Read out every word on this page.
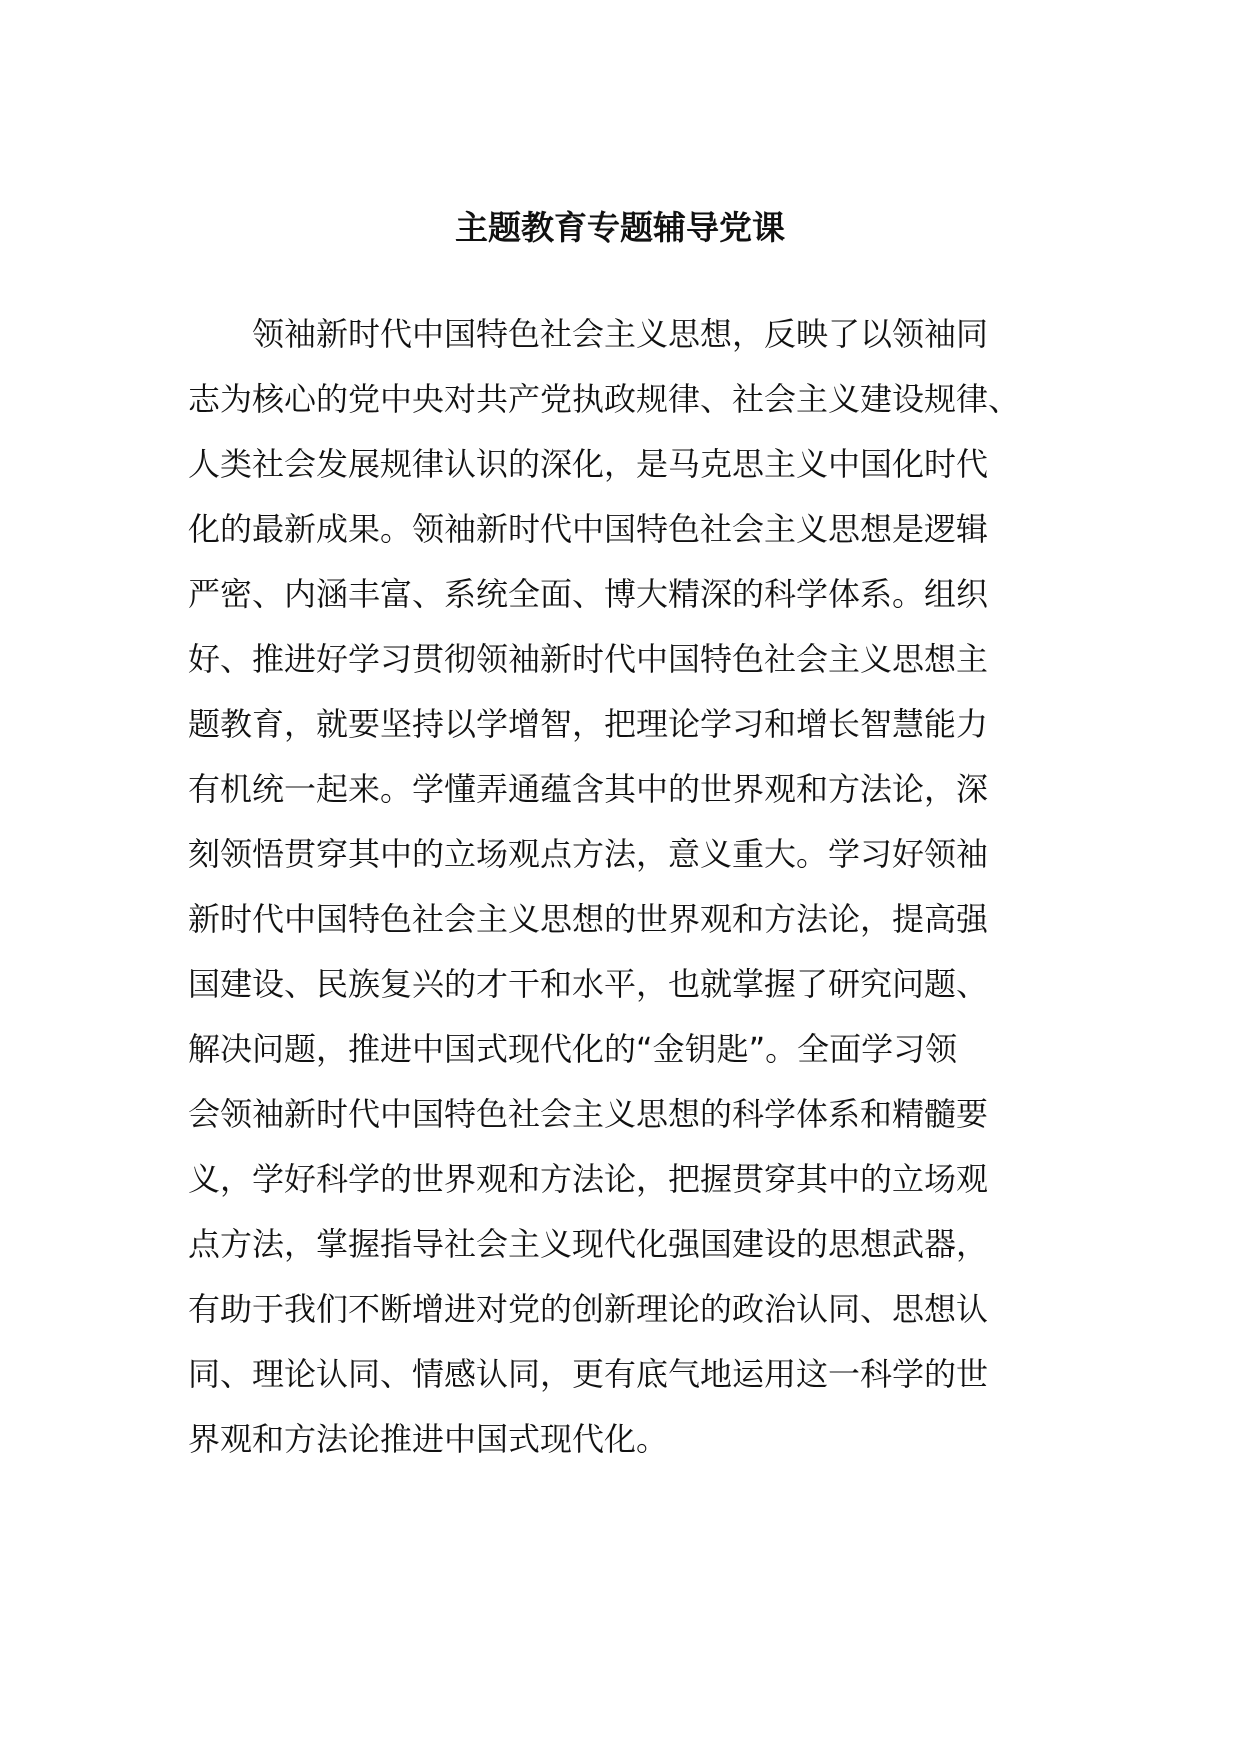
主题教育专题辅导党课

　　领袖新时代中国特色社会主义思想，反映了以领袖同

志为核心的党中央对共产党执政规律、社会主义建设规律、

人类社会发展规律认识的深化，是马克思主义中国化时代

化的最新成果。领袖新时代中国特色社会主义思想是逻辑

严密、内涵丰富、系统全面、博大精深的科学体系。组织

好、推进好学习贯彻领袖新时代中国特色社会主义思想主

题教育，就要坚持以学增智，把理论学习和增长智慧能力

有机统一起来。学懂弄通蕴含其中的世界观和方法论，深

刻领悟贯穿其中的立场观点方法，意义重大。学习好领袖

新时代中国特色社会主义思想的世界观和方法论，提高强

国建设、民族复兴的才干和水平，也就掌握了研究问题、

解决问题，推进中国式现代化的“金钥匙”。全面学习领

会领袖新时代中国特色社会主义思想的科学体系和精髓要

义，学好科学的世界观和方法论，把握贯穿其中的立场观

点方法，掌握指导社会主义现代化强国建设的思想武器，

有助于我们不断增进对党的创新理论的政治认同、思想认

同、理论认同、情感认同，更有底气地运用这一科学的世

界观和方法论推进中国式现代化。
